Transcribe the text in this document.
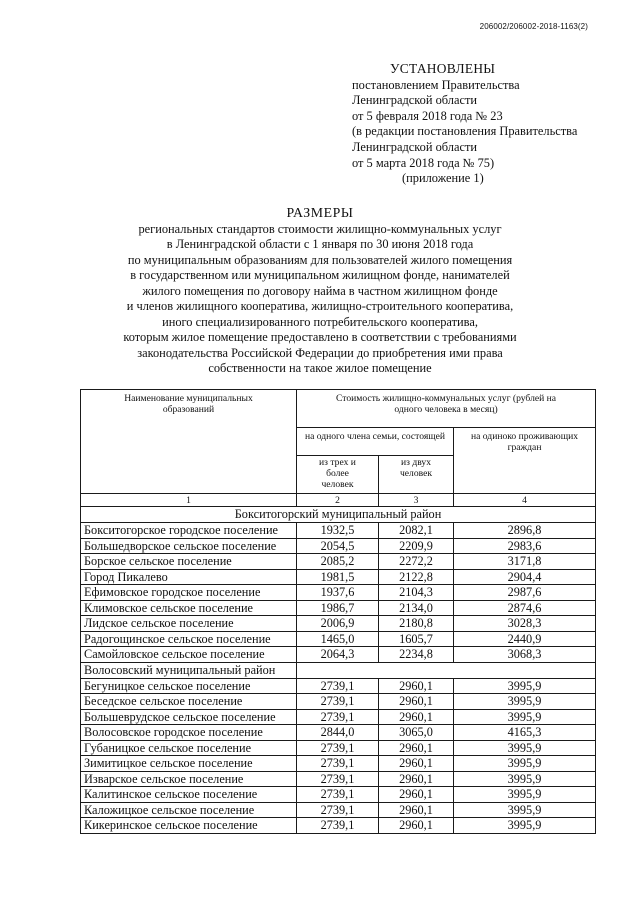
206002/206002-2018-1163(2)
УСТАНОВЛЕНЫ
постановлением Правительства
Ленинградской области
от 5 февраля 2018 года № 23
(в редакции постановления Правительства
Ленинградской области
от 5 марта 2018 года № 75)
(приложение 1)
РАЗМЕРЫ
региональных стандартов стоимости жилищно-коммунальных услуг
в Ленинградской области с 1 января по 30 июня 2018 года
по муниципальным образованиям для пользователей жилого помещения
в государственном или муниципальном жилищном фонде, нанимателей
жилого помещения по договору найма в частном жилищном фонде
и членов жилищного кооператива, жилищно-строительного кооператива,
иного специализированного потребительского кооператива,
которым жилое помещение предоставлено в соответствии с требованиями
законодательства Российской Федерации до приобретения ими права
собственности на такое жилое помещение
Наименование муниципальных образований	Стоимость жилищно-коммунальных услуг (рублей на одного человека в месяц)		
	на одного члена семьи, состоящей		на одиноко проживающих граждан
	из трех и более человек	из двух человек	
1	2	3	4
Бокситогорский муниципальный район			
Бокситогорское городское поселение	1932,5	2082,1	2896,8
Большедворское сельское поселение	2054,5	2209,9	2983,6
Борское сельское поселение	2085,2	2272,2	3171,8
Город Пикалево	1981,5	2122,8	2904,4
Ефимовское городское поселение	1937,6	2104,3	2987,6
Климовское сельское поселение	1986,7	2134,0	2874,6
Лидское сельское поселение	2006,9	2180,8	3028,3
Радогощинское сельское поселение	1465,0	1605,7	2440,9
Самойловское сельское поселение	2064,3	2234,8	3068,3
Волосовский муниципальный район			
Бегуницкое сельское поселение	2739,1	2960,1	3995,9
Беседское сельское поселение	2739,1	2960,1	3995,9
Большеврудское сельское поселение	2739,1	2960,1	3995,9
Волосовское городское поселение	2844,0	3065,0	4165,3
Губаницкое сельское поселение	2739,1	2960,1	3995,9
Зимитицкое сельское поселение	2739,1	2960,1	3995,9
Изварское сельское поселение	2739,1	2960,1	3995,9
Калитинское сельское поселение	2739,1	2960,1	3995,9
Каложицкое сельское поселение	2739,1	2960,1	3995,9
Кикеринское сельское поселение	2739,1	2960,1	3995,9
